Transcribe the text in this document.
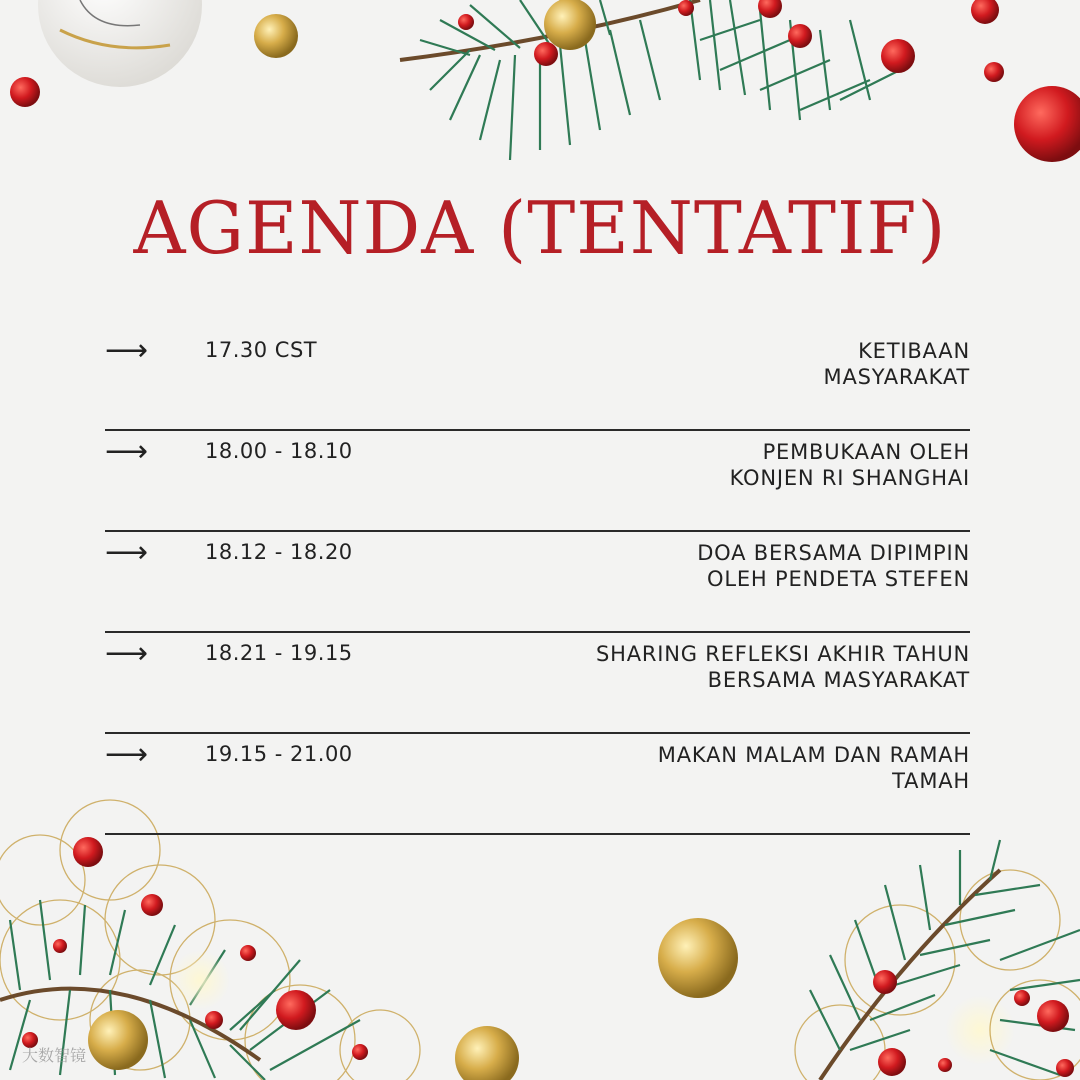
AGENDA (TENTATIF)
⟶	17.30 CST	KETIBAAN
MASYARAKAT
⟶	18.00 - 18.10	PEMBUKAAN OLEH
KONJEN RI SHANGHAI
⟶	18.12 - 18.20	DOA BERSAMA DIPIMPIN
OLEH PENDETA STEFEN
⟶	18.21 - 19.15	SHARING REFLEKSI AKHIR TAHUN
BERSAMA MASYARAKAT
⟶	19.15 - 21.00	MAKAN MALAM DAN RAMAH
TAMAH
大数智镜
